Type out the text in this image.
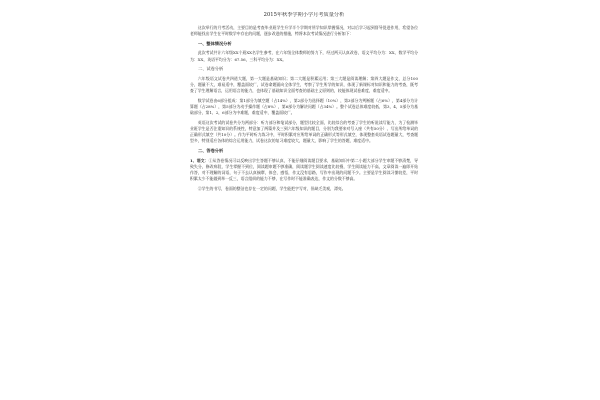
2015年秋季学期小学月考质量分析

这次举行的月考活动，主要目的是考查毕业班学生升学半个学期对所学知识掌握情况，对以后学习起到督导促进作用，希望各位老师能找出学生在平时数学中存在的问题，逐步改进的措施，特将本次考试情况进行分析如下：

一、整体情况分析

此次考试共计六年级XX个班XX名学生参考，在六年级全体教师的努力下，经过两天认真改卷，语文平均分为：XX，数学平均分为：XX，英语平均分为：67.56，三科平均分为：XX。

二、试卷分析

六年级语文试卷共四道大题，第一大题是基础知识；第二大题是积累运用；第三大题是阅读理解；第四大题是作文，总分100分，题量不大，难易适中，覆盖面较广，试卷命题面向全体学生，考察了学生所学的知识，体现了新课标对知识和能力的考查，既考查了学生理解语言，运用语言的能力，也体现了基础知识全面考查的基础主义原则的，较能体现试卷难度，难度适中。

数学试卷由6部分组成：第1部分为填空题（占14%），第2部分为选择题（10%），第3部分为判断题（占6%），第4部分为计算题（占28%），第5部分为动手操作题（占8%），第6部分为解决问题（占34%）。整个试卷总体难度较低，第3，4，5部分为基础部分，第1、2，6部分为中难题，难度适中，覆盖面较广。

英语这次考试的试卷共分为两部分：听力部分和笔试部分，题型比较全面，比较综合的考查了学生的听说读写能力，为了检测毕业班学生是否注重知识的系统性，特意加了两篇并及三到六年级知识的题目，分别为我要来对号入座（共有50分）、写出所给单词的正确形式填空（共10分）。作为平时听力练习中，平时积累对应所给单词的正确形式等形式填空，体现整套英语试卷题量大，考查题型多，特别适应各体的综合运用能力，试卷这次的复习难度较大，题量大，影响了学生的答题，难度适中。

二、答卷分析

1、语文：①从答卷情况可以反映出学生答题不够认真，不能仔细阅读题目要求，基础知识中第二小题大部分学生审题不够清楚，导致失分，修改病段，学生掌握不到位，阅读题审题不够准确，阅读题学生阅读速度比较慢，学生阅读能力不高，文章阅读一遍即开始作答，对不理解的词语，句子不去认真揣摩，体会，感悟，作文没有思路，写作中出现的问题不少。主要是学生阅读习惯较差，平时积累太少不能做到举一反三，语言组织的能力不够，在写作时不能准确表达，作文的分数不够高。

②学生的书写，卷面的整洁也存在一定的问题，学生能把字写对，但缺乏美观，漂亮。
